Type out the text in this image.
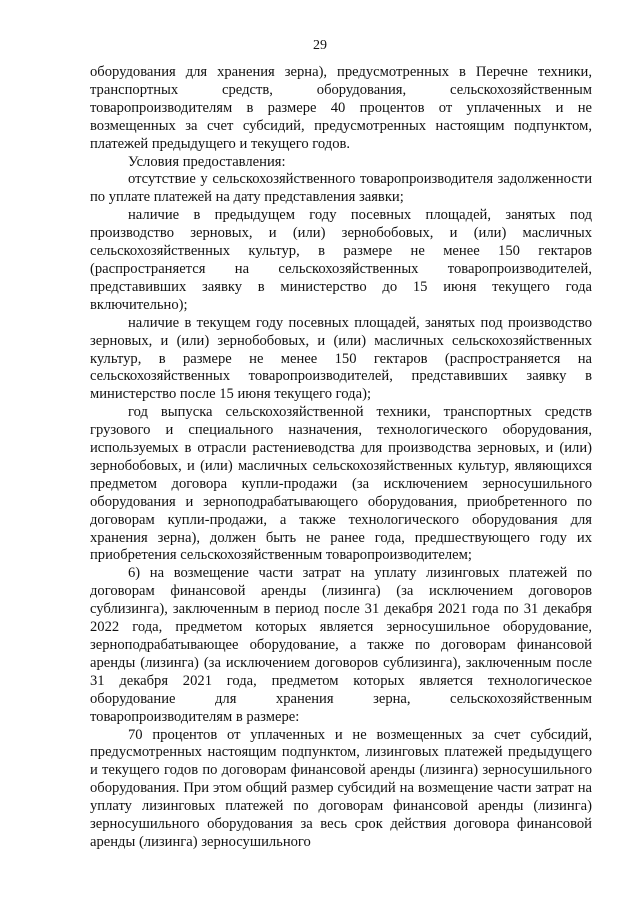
29

оборудования для хранения зерна), предусмотренных в Перечне техники, транспортных средств, оборудования, сельскохозяйственным товаропроизводителям в размере 40 процентов от уплаченных и не возмещенных за счет субсидий, предусмотренных настоящим подпунктом, платежей предыдущего и текущего годов.

Условия предоставления:

отсутствие у сельскохозяйственного товаропроизводителя задолженности по уплате платежей на дату представления заявки;

наличие в предыдущем году посевных площадей, занятых под производство зерновых, и (или) зернобобовых, и (или) масличных сельскохозяйственных культур, в размере не менее 150 гектаров (распространяется на сельскохозяйственных товаропроизводителей, представивших заявку в министерство до 15 июня текущего года включительно);

наличие в текущем году посевных площадей, занятых под производство зерновых, и (или) зернобобовых, и (или) масличных сельскохозяйственных культур, в размере не менее 150 гектаров (распространяется на сельскохозяйственных товаропроизводителей, представивших заявку в министерство после 15 июня текущего года);

год выпуска сельскохозяйственной техники, транспортных средств грузового и специального назначения, технологического оборудования, используемых в отрасли растениеводства для производства зерновых, и (или) зернобобовых, и (или) масличных сельскохозяйственных культур, являющихся предметом договора купли-продажи (за исключением зерносушильного оборудования и зерноподрабатывающего оборудования, приобретенного по договорам купли-продажи, а также технологического оборудования для хранения зерна), должен быть не ранее года, предшествующего году их приобретения сельскохозяйственным товаропроизводителем;

6) на возмещение части затрат на уплату лизинговых платежей по договорам финансовой аренды (лизинга) (за исключением договоров сублизинга), заключенным в период после 31 декабря 2021 года по 31 декабря 2022 года, предметом которых является зерносушильное оборудование, зерноподрабатывающее оборудование, а также по договорам финансовой аренды (лизинга) (за исключением договоров сублизинга), заключенным после 31 декабря 2021 года, предметом которых является технологическое оборудование для хранения зерна, сельскохозяйственным товаропроизводителям в размере:

70 процентов от уплаченных и не возмещенных за счет субсидий, предусмотренных настоящим подпунктом, лизинговых платежей предыдущего и текущего годов по договорам финансовой аренды (лизинга) зерносушильного оборудования. При этом общий размер субсидий на возмещение части затрат на уплату лизинговых платежей по договорам финансовой аренды (лизинга) зерносушильного оборудования за весь срок действия договора финансовой аренды (лизинга) зерносушильного
